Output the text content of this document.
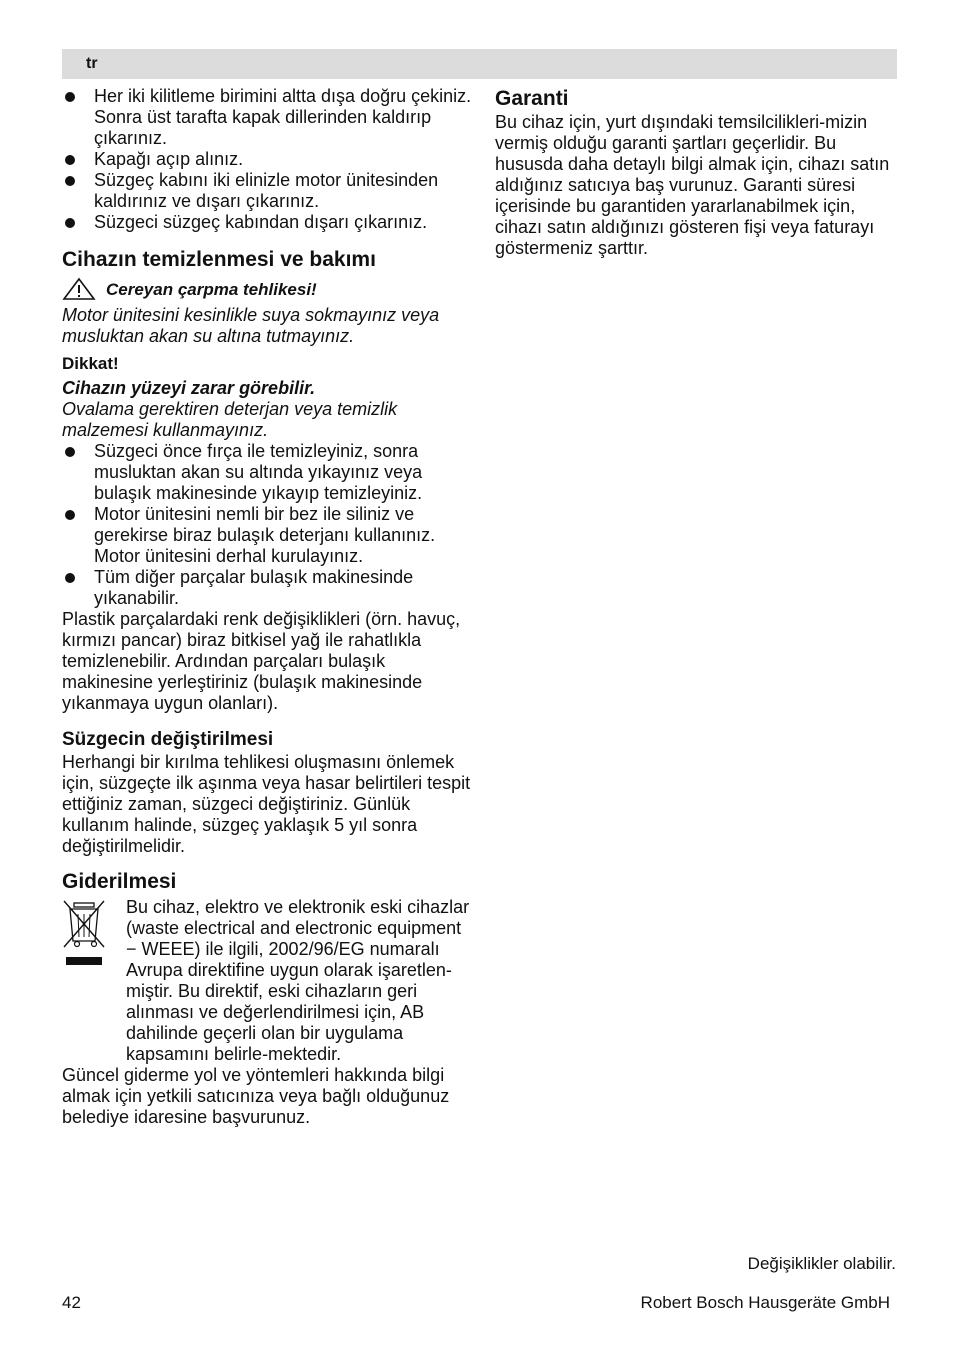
tr
Her iki kilitleme birimini altta dışa doğru çekiniz. Sonra üst tarafta kapak dillerinden kaldırıp çıkarınız.
Kapağı açıp alınız.
Süzgeç kabını iki elinizle motor ünitesinden kaldırınız ve dışarı çıkarınız.
Süzgeci süzgeç kabından dışarı çıkarınız.
Cihazın temizlenmesi ve bakımı
Cereyan çarpma tehlikesi!

Motor ünitesini kesinlikle suya sokmayınız veya musluktan akan su altına tutmayınız.

Dikkat!

Cihazın yüzeyi zarar görebilir.

Ovalama gerektiren deterjan veya temizlik malzemesi kullanmayınız.

Süzgeci önce fırça ile temizleyiniz, sonra musluktan akan su altında yıkayınız veya bulaşık makinesinde yıkayıp temizleyiniz.
Motor ünitesini nemli bir bez ile siliniz ve gerekirse biraz bulaşık deterjanı kullanınız. Motor ünitesini derhal kurulayınız.
Tüm diğer parçalar bulaşık makinesinde yıkanabilir.

Plastik parçalardaki renk değişiklikleri (örn. havuç, kırmızı pancar) biraz bitkisel yağ ile rahatlıkla temizlenebilir. Ardından parçaları bulaşık makinesine yerleştiriniz (bulaşık makinesinde yıkanmaya uygun olanları).

Süzgecin değiştirilmesi

Herhangi bir kırılma tehlikesi oluşmasını önlemek için, süzgeçte ilk aşınma veya hasar belirtileri tespit ettiğiniz zaman, süzgeci değiştiriniz. Günlük kullanım halinde, süzgeç yaklaşık 5 yıl sonra değiştirilmelidir.

Giderilmesi

Bu cihaz, elektro ve elektronik eski cihazlar (waste electrical and electronic equipment − WEEE) ile ilgili, 2002/96/EG numaralı Avrupa direktifine uygun olarak işaretlen-miştir. Bu direktif, eski cihazların geri alınması ve değerlendirilmesi için, AB dahilinde geçerli olan bir uygulama kapsamını belirle-mektedir.

Güncel giderme yol ve yöntemleri hakkında bilgi almak için yetkili satıcınıza veya bağlı olduğunuz belediye idaresine başvurunuz.

Garanti

Bu cihaz için, yurt dışındaki temsilcilikleri-mizin vermiş olduğu garanti şartları geçerlidir. Bu hususda daha detaylı bilgi almak için, cihazı satın aldığınız satıcıya baş vurunuz. Garanti süresi içerisinde bu garantiden yararlanabilmek için, cihazı satın aldığınızı gösteren fişi veya faturayı göstermeniz şarttır.

Değişiklikler olabilir.
42	Robert Bosch Hausgeräte GmbH
